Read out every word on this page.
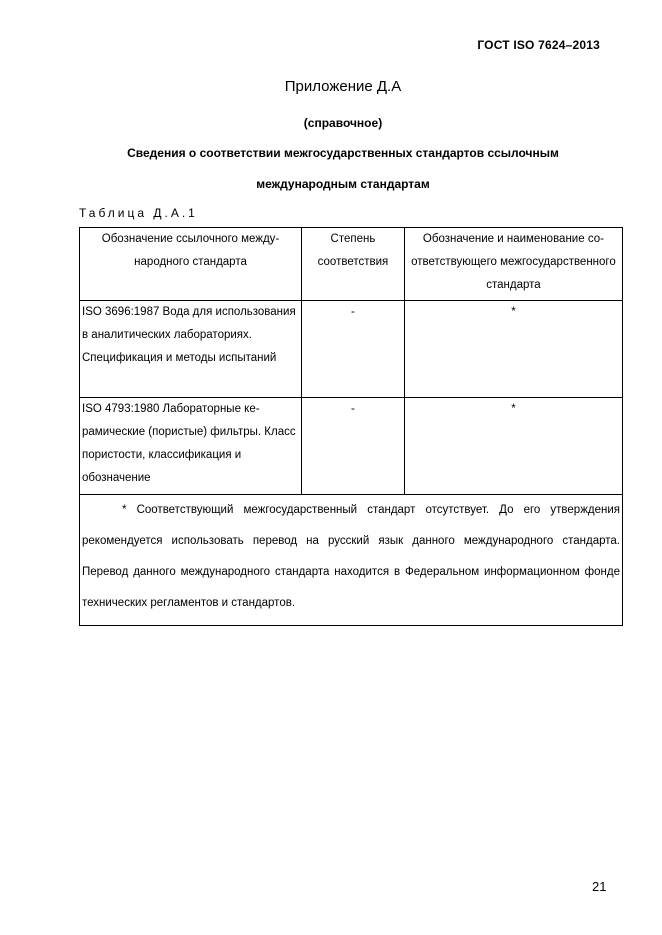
ГОСТ ISO 7624–2013
Приложение Д.А
(справочное)
Сведения о соответствии межгосударственных стандартов ссылочным
международным стандартам
Таблица Д.А.1
Обозначение ссылочного международного стандарта	Степень соответствия	Обозначение и наименование соответствующего межгосударственного стандарта
ISO 3696:1987 Вода для использования в аналитических лабораториях. Спецификация и методы испытаний	-	*
ISO 4793:1980 Лабораторные керамические (пористые) фильтры. Класс пористости, классификация и обозначение	-	*

* Соответствующий межгосударственный стандарт отсутствует. До его утверждения рекомендуется использовать перевод на русский язык данного международного стандарта. Перевод данного международного стандарта находится в Федеральном информационном фонде технических регламентов и стандартов.		
21
